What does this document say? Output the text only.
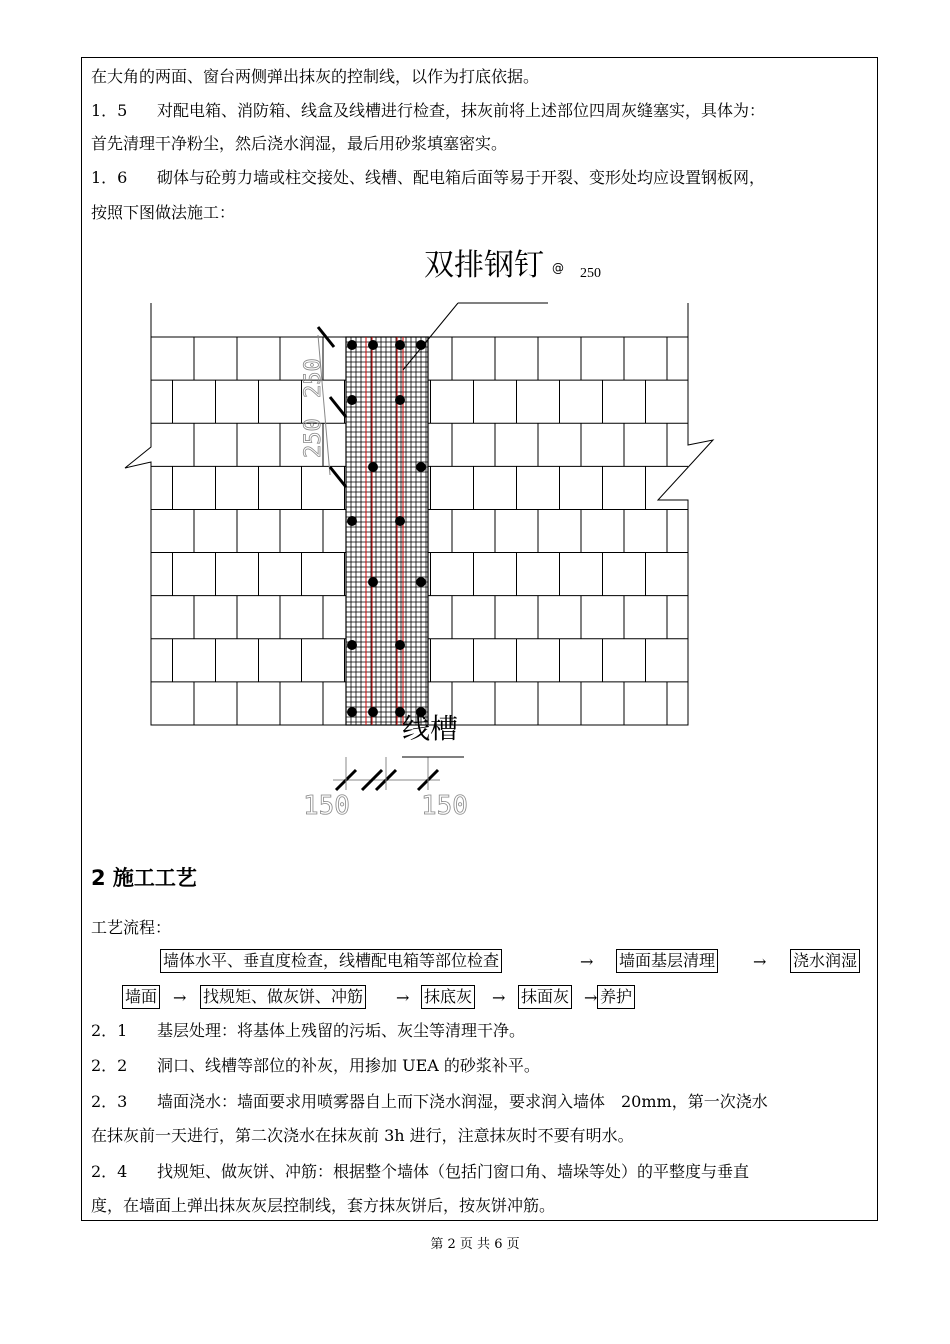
在大角的两面、窗台两侧弹出抹灰的控制线，以作为打底依据。
1．5 对配电箱、消防箱、线盒及线槽进行检查，抹灰前将上述部位四周灰缝塞实，具体为：
首先清理干净粉尘，然后浇水润湿，最后用砂浆填塞密实。
1．6 砌体与砼剪力墙或柱交接处、线槽、配电箱后面等易于开裂、变形处均应设置钢板网，
按照下图做法施工：
双排钢钉 @ 250
250
250
线槽
150	150
2 施工工艺
工艺流程：
墙体水平、垂直度检查，线槽配电箱等部位检查	→ 墙面基层清理 → 浇水润湿
墙面 → 找规矩、做灰饼、冲筋 → 抹底灰 → 抹面灰 → 养护
2．1 基层处理：将基体上残留的污垢、灰尘等清理干净。
2．2 洞口、线槽等部位的补灰，用掺加 UEA 的砂浆补平。
2．3 墙面浇水：墙面要求用喷雾器自上而下浇水润湿，要求润入墙体　20mm，第一次浇水
在抹灰前一天进行，第二次浇水在抹灰前 3h 进行，注意抹灰时不要有明水。
2．4 找规矩、做灰饼、冲筋：根据整个墙体（包括门窗口角、墙垛等处）的平整度与垂直
度，在墙面上弹出抹灰灰层控制线，套方抹灰饼后，按灰饼冲筋。
第 2 页 共 6 页
